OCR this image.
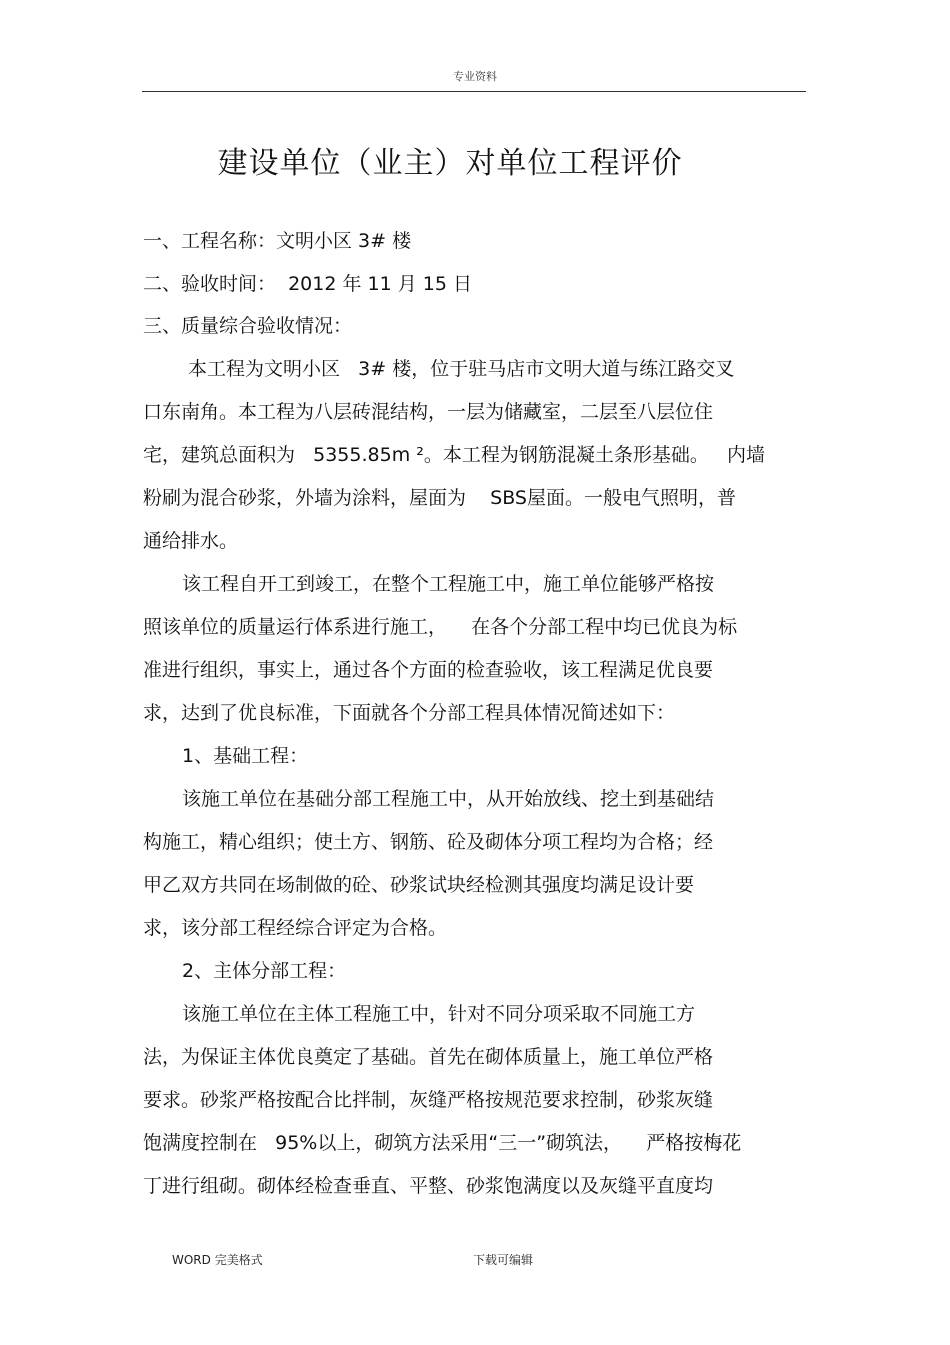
专业资料
建设单位（业主）对单位工程评价
一、工程名称：文明小区 3# 楼
二、验收时间：  2012 年 11 月 15 日
三、质量综合验收情况：
本工程为文明小区   3# 楼，位于驻马店市文明大道与练江路交叉
口东南角。本工程为八层砖混结构，一层为储藏室，二层至八层位住
宅，建筑总面积为   5355.85m ²。本工程为钢筋混凝土条形基础。   内墙
粉刷为混合砂浆，外墙为涂料，屋面为    SBS屋面。一般电气照明，普
通给排水。
该工程自开工到竣工，在整个工程施工中，施工单位能够严格按
照该单位的质量运行体系进行施工，    在各个分部工程中均已优良为标
准进行组织，事实上，通过各个方面的检查验收，该工程满足优良要
求，达到了优良标准，下面就各个分部工程具体情况简述如下：
1、基础工程：
该施工单位在基础分部工程施工中，从开始放线、挖土到基础结
构施工，精心组织；使土方、钢筋、砼及砌体分项工程均为合格；经
甲乙双方共同在场制做的砼、砂浆试块经检测其强度均满足设计要
求，该分部工程经综合评定为合格。
2、主体分部工程：
该施工单位在主体工程施工中，针对不同分项采取不同施工方
法，为保证主体优良奠定了基础。首先在砌体质量上，施工单位严格
要求。砂浆严格按配合比拌制，灰缝严格按规范要求控制，砂浆灰缝
饱满度控制在   95%以上，砌筑方法采用“三一”砌筑法，    严格按梅花
丁进行组砌。砌体经检查垂直、平整、砂浆饱满度以及灰缝平直度均
WORD 完美格式	下载可编辑
